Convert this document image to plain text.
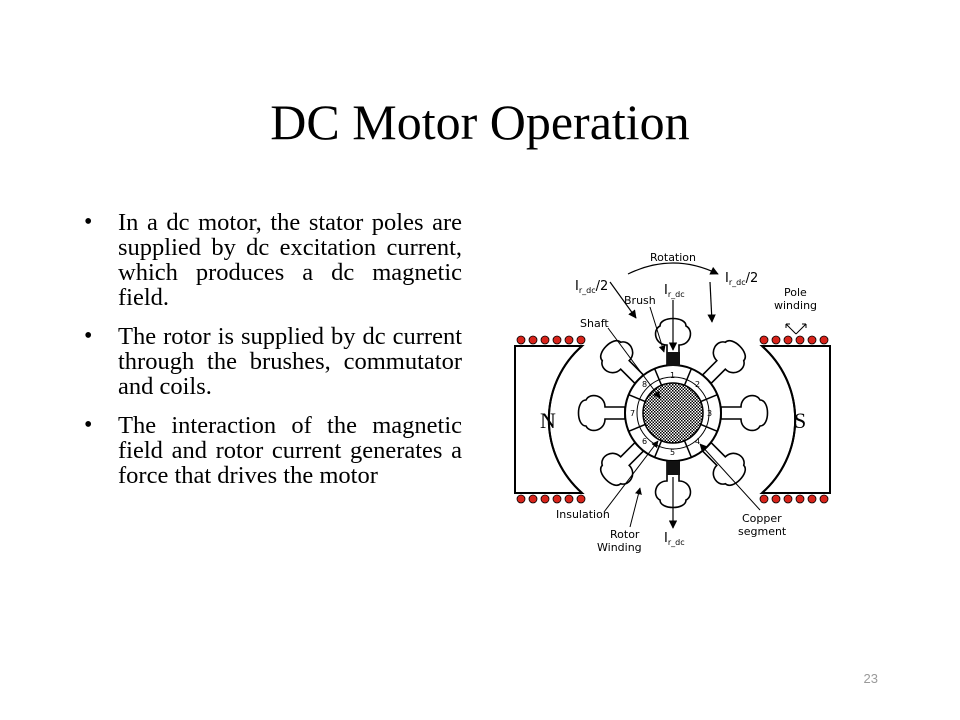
DC Motor Operation
• In a dc motor, the stator poles are supplied by dc excitation current, which produces a dc magnetic field.
• The rotor is supplied by dc current through the brushes, commutator and coils.
• The interaction of the magnetic field and rotor current generates a force that drives the motor
N	S
1
2
3
4
5
6
7
8
Rotation
$I_{r\_dc}/2$	$I_{r\_dc}$
$I_{r\_dc}/2$
$I_{r\_dc}$
Brush
Shaft
Pole winding
Insulation
Rotor Winding
Copper segment
23
